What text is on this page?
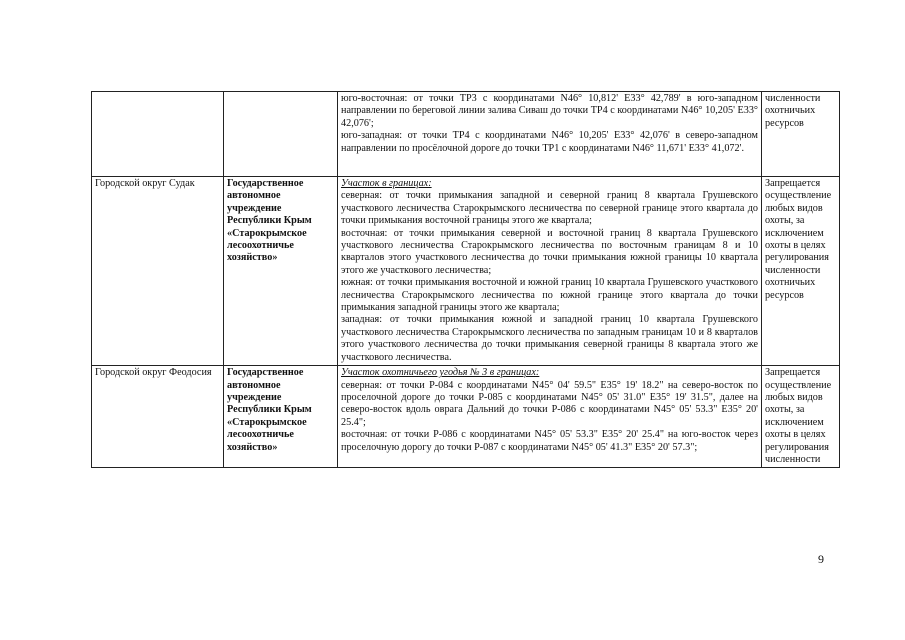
		юго-восточная: от точки ТР3 с координатами N46° 10,812' E33° 42,789' в юго-западном направлении по береговой линии залива Сиваш до точки ТР4 с координатами N46° 10,205' E33° 42,076';

юго-западная: от точки ТР4 с координатами N46° 10,205' E33° 42,076' в северо-западном направлении по просёлочной дороге до точки ТР1 с координатами N46° 11,671' E33° 41,072'.	численности охотничьих ресурсов
Городской округ Судак	Государственное автономное учреждение Республики Крым «Старокрымское лесоохотничье хозяйство»	Участок в границах:

северная: от точки примыкания западной и северной границ 8 квартала Грушевского участкового лесничества Старокрымского лесничества по северной границе этого квартала до точки примыкания восточной границы этого же квартала;

восточная: от точки примыкания северной и восточной границ 8 квартала Грушевского участкового лесничества Старокрымского лесничества по восточным границам 8 и 10 кварталов этого участкового лесничества до точки примыкания южной границы 10 квартала этого же участкового лесничества;

южная: от точки примыкания восточной и южной границ 10 квартала Грушевского участкового лесничества Старокрымского лесничества по южной границе этого квартала до точки примыкания западной границы этого же квартала;

западная: от точки примыкания южной и западной границ 10 квартала Грушевского участкового лесничества Старокрымского лесничества по западным границам 10 и 8 кварталов этого участкового лесничества до точки примыкания северной границы 8 квартала этого же участкового лесничества.	Запрещается осуществление любых видов охоты, за исключением охоты в целях регулирования численности охотничьих ресурсов
Городской округ Феодосия	Государственное автономное учреждение Республики Крым «Старокрымское лесоохотничье хозяйство»	Участок охотничьего угодья № 3 в границах:

северная: от точки Р-084 с координатами N45° 04' 59.5" E35° 19' 18.2" на северо-восток по проселочной дороге до точки Р-085 с координатами N45° 05' 31.0" E35° 19' 31.5", далее на северо-восток вдоль оврага Дальний до точки Р-086 с координатами N45° 05' 53.3" E35° 20' 25.4";

восточная: от точки Р-086 с координатами N45° 05' 53.3" E35° 20' 25.4" на юго-восток через проселочную дорогу до точки Р-087 с координатами N45° 05' 41.3" E35° 20' 57.3";	Запрещается осуществление любых видов охоты, за исключением охоты в целях регулирования численности
9
